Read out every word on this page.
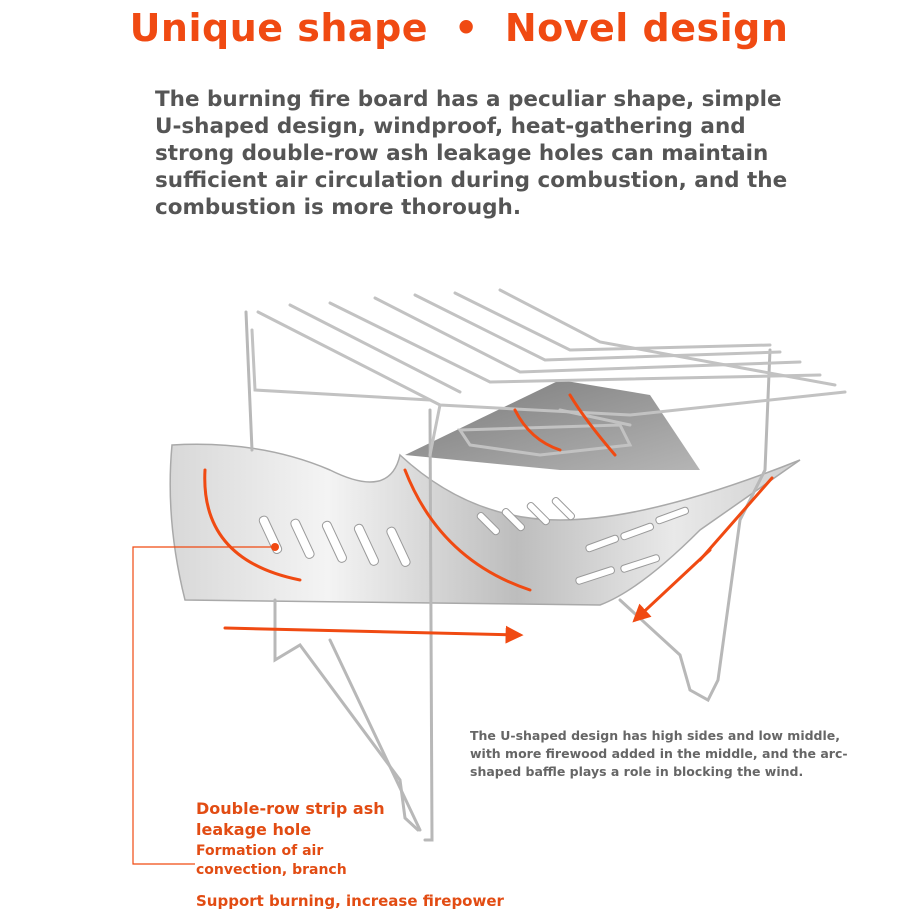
Unique shape • Novel design
The burning fire board has a peculiar shape, simple U-shaped design, windproof, heat-gathering and strong double-row ash leakage holes can maintain sufficient air circulation during combustion, and the combustion is more thorough.
The U-shaped design has high sides and low middle, with more firewood added in the middle, and the arc-shaped baffle plays a role in blocking the wind.
Double-row strip ash leakage hole
Formation of air convection, branch
Support burning, increase firepower
